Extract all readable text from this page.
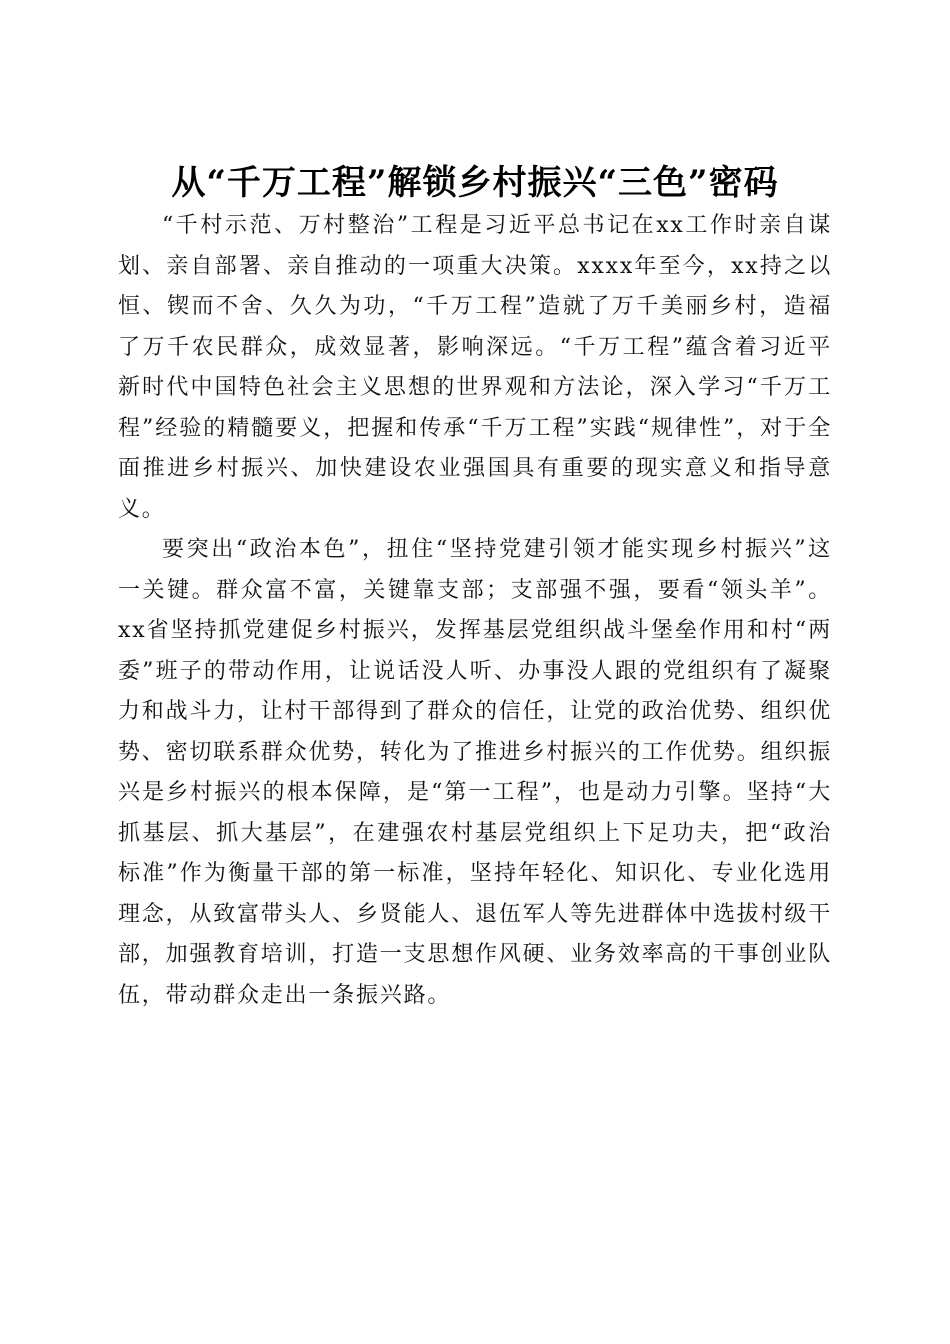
从“千万工程”解锁乡村振兴“三色”密码

“千村示范、万村整治”工程是习近平总书记在xx工作时亲自谋划、亲自部署、亲自推动的一项重大决策。xxxx年至今，xx持之以恒、锲而不舍、久久为功，“千万工程”造就了万千美丽乡村，造福了万千农民群众，成效显著，影响深远。“千万工程”蕴含着习近平新时代中国特色社会主义思想的世界观和方法论，深入学习“千万工程”经验的精髓要义，把握和传承“千万工程”实践“规律性”，对于全面推进乡村振兴、加快建设农业强国具有重要的现实意义和指导意义。

要突出“政治本色”，扭住“坚持党建引领才能实现乡村振兴”这一关键。群众富不富，关键靠支部；支部强不强，要看“领头羊”。xx省坚持抓党建促乡村振兴，发挥基层党组织战斗堡垒作用和村“两委”班子的带动作用，让说话没人听、办事没人跟的党组织有了凝聚力和战斗力，让村干部得到了群众的信任，让党的政治优势、组织优势、密切联系群众优势，转化为了推进乡村振兴的工作优势。组织振兴是乡村振兴的根本保障，是“第一工程”，也是动力引擎。坚持“大抓基层、抓大基层”，在建强农村基层党组织上下足功夫，把“政治标准”作为衡量干部的第一标准，坚持年轻化、知识化、专业化选用理念，从致富带头人、乡贤能人、退伍军人等先进群体中选拔村级干部，加强教育培训，打造一支思想作风硬、业务效率高的干事创业队伍，带动群众走出一条振兴路。
